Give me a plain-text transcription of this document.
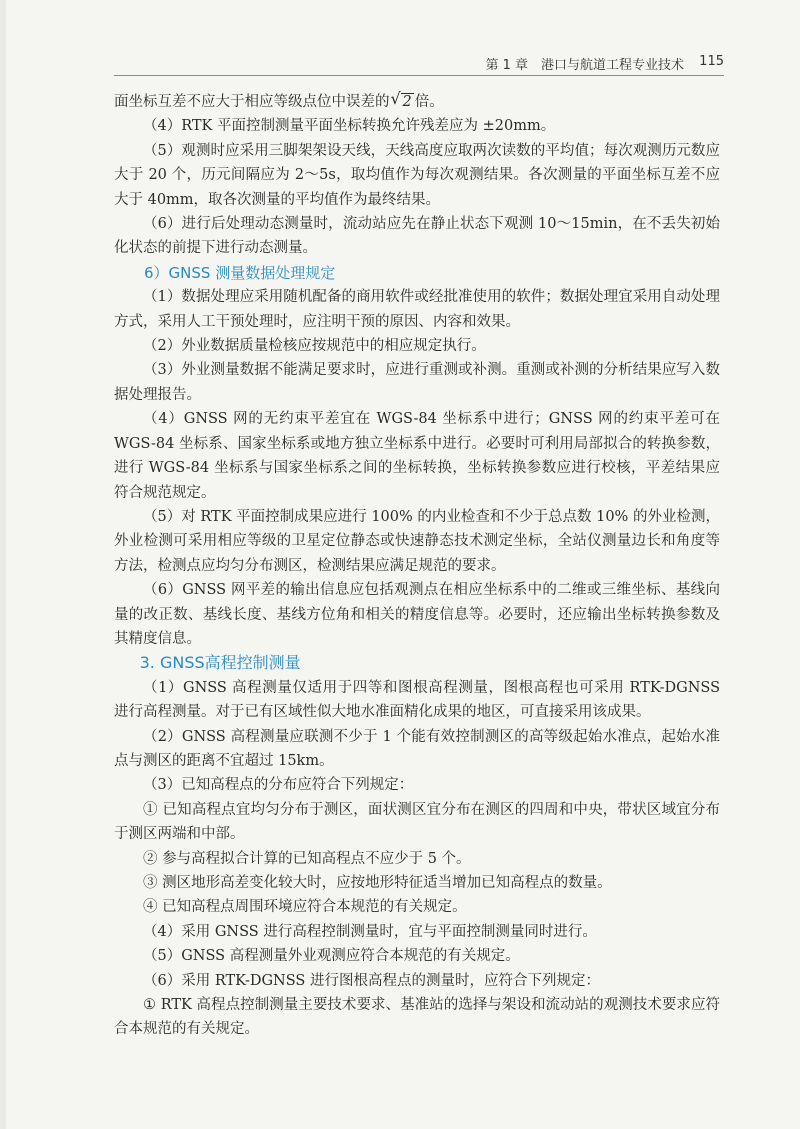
第 1 章　港口与航道工程专业技术 115

面坐标互差不应大于相应等级点位中误差的 √ 2 倍。

（4）RTK 平面控制测量平面坐标转换允许残差应为 ±20mm。

（5）观测时应采用三脚架架设天线，天线高度应取两次读数的平均值；每次观测历元数应大于 20 个，历元间隔应为 2～5s，取均值作为每次观测结果。各次测量的平面坐标互差不应大于 40mm，取各次测量的平均值作为最终结果。

（6）进行后处理动态测量时，流动站应先在静止状态下观测 10～15min，在不丢失初始化状态的前提下进行动态测量。

6）GNSS 测量数据处理规定

（1）数据处理应采用随机配备的商用软件或经批准使用的软件；数据处理宜采用自动处理方式，采用人工干预处理时，应注明干预的原因、内容和效果。

（2）外业数据质量检核应按规范中的相应规定执行。

（3）外业测量数据不能满足要求时，应进行重测或补测。重测或补测的分析结果应写入数据处理报告。

（4）GNSS 网的无约束平差宜在 WGS-84 坐标系中进行；GNSS 网的约束平差可在 WGS-84 坐标系、国家坐标系或地方独立坐标系中进行。必要时可利用局部拟合的转换参数，进行 WGS-84 坐标系与国家坐标系之间的坐标转换，坐标转换参数应进行校核，平差结果应符合规范规定。

（5）对 RTK 平面控制成果应进行 100% 的内业检查和不少于总点数 10% 的外业检测，外业检测可采用相应等级的卫星定位静态或快速静态技术测定坐标，全站仪测量边长和角度等方法，检测点应均匀分布测区，检测结果应满足规范的要求。

（6）GNSS 网平差的输出信息应包括观测点在相应坐标系中的二维或三维坐标、基线向量的改正数、基线长度、基线方位角和相关的精度信息等。必要时，还应输出坐标转换参数及其精度信息。

3. GNSS高程控制测量

（1）GNSS 高程测量仅适用于四等和图根高程测量，图根高程也可采用 RTK-DGNSS 进行高程测量。对于已有区域性似大地水准面精化成果的地区，可直接采用该成果。

（2）GNSS 高程测量应联测不少于 1 个能有效控制测区的高等级起始水准点，起始水准点与测区的距离不宜超过 15km。

（3）已知高程点的分布应符合下列规定：

① 已知高程点宜均匀分布于测区，面状测区宜分布在测区的四周和中央，带状区域宜分布于测区两端和中部。

② 参与高程拟合计算的已知高程点不应少于 5 个。

③ 测区地形高差变化较大时，应按地形特征适当增加已知高程点的数量。

④ 已知高程点周围环境应符合本规范的有关规定。

（4）采用 GNSS 进行高程控制测量时，宜与平面控制测量同时进行。

（5）GNSS 高程测量外业观测应符合本规范的有关规定。

（6）采用 RTK-DGNSS 进行图根高程点的测量时，应符合下列规定：

① RTK 高程点控制测量主要技术要求、基准站的选择与架设和流动站的观测技术要求应符合本规范的有关规定。
